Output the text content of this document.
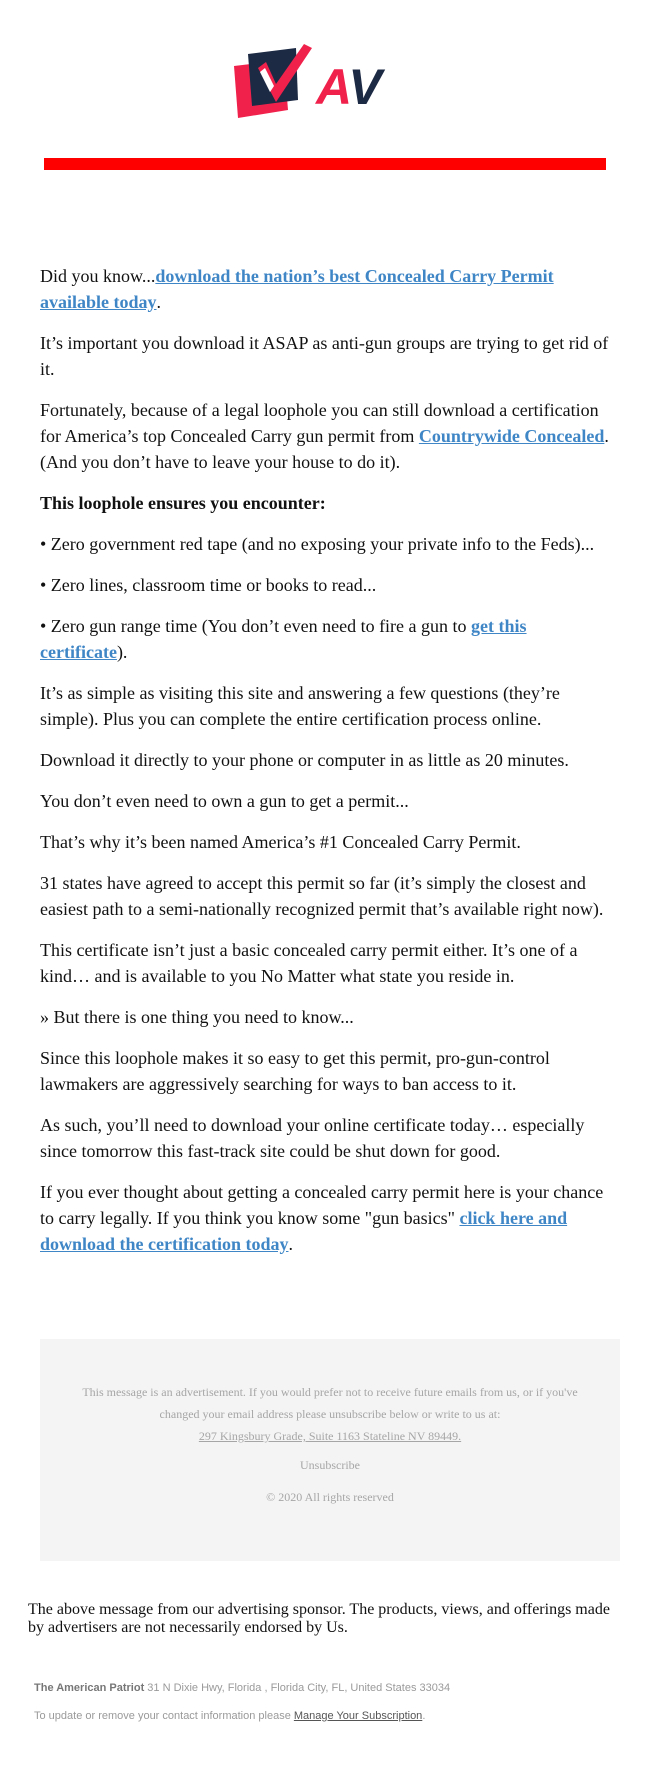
AV

Did you know...download the nation’s best Concealed Carry Permit available today.

It’s important you download it ASAP as anti-gun groups are trying to get rid of it.

Fortunately, because of a legal loophole you can still download a certification for America’s top Concealed Carry gun permit from Countrywide Concealed. (And you don’t have to leave your house to do it).

This loophole ensures you encounter:

• Zero government red tape (and no exposing your private info to the Feds)...

• Zero lines, classroom time or books to read...

• Zero gun range time (You don’t even need to fire a gun to get this certificate).

It’s as simple as visiting this site and answering a few questions (they’re simple). Plus you can complete the entire certification process online.

Download it directly to your phone or computer in as little as 20 minutes.

You don’t even need to own a gun to get a permit...

That’s why it’s been named America’s #1 Concealed Carry Permit.

31 states have agreed to accept this permit so far (it’s simply the closest and easiest path to a semi-nationally recognized permit that’s available right now).

This certificate isn’t just a basic concealed carry permit either. It’s one of a kind… and is available to you No Matter what state you reside in.

» But there is one thing you need to know...

Since this loophole makes it so easy to get this permit, pro-gun-control lawmakers are aggressively searching for ways to ban access to it.

As such, you’ll need to download your online certificate today… especially since tomorrow this fast-track site could be shut down for good.

If you ever thought about getting a concealed carry permit here is your chance to carry legally. If you think you know some "gun basics" click here and download the certification today.

This message is an advertisement. If you would prefer not to receive future emails from us, or if you've changed your email address please unsubscribe below or write to us at:
297 Kingsbury Grade, Suite 1163 Stateline NV 89449.
Unsubscribe
© 2020 All rights reserved
The above message from our advertising sponsor. The products, views, and offerings made by advertisers are not necessarily endorsed by Us.
The American Patriot 31 N Dixie Hwy, Florida , Florida City, FL, United States 33034
To update or remove your contact information please Manage Your Subscription.
